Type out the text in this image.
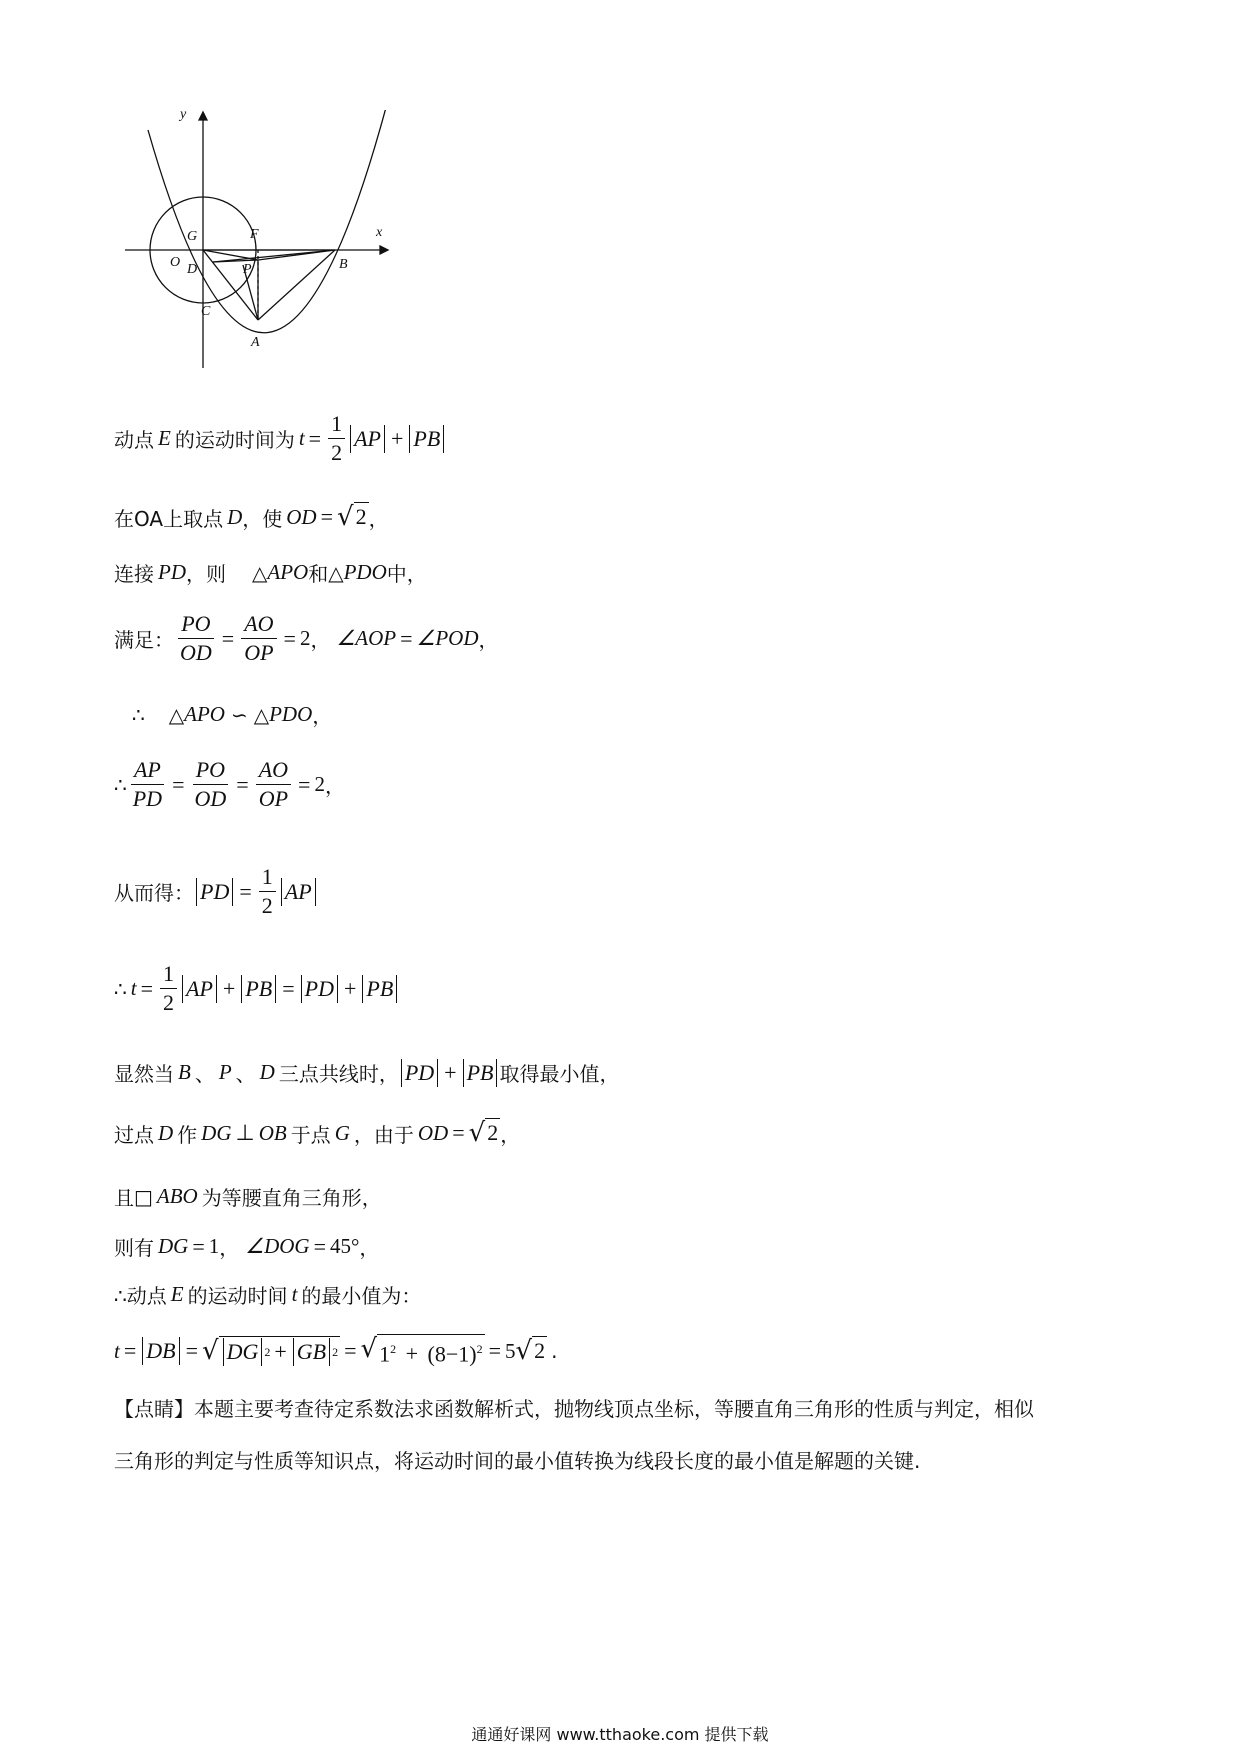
x
y
G	F
O D	P	B
C
A
动点 E 的运动时间为 $t = \frac{1}{2}$ AP + PB
在OA上取点 D ，使 OD = √ 2 ，
连接 PD ，则 △ APO 和 △ PDO 中，
满足： $\frac{PO}{OD} = \frac{AO}{OP} = 2$ ， ∠AOP = ∠POD ，
∴ △ APO ∽ △ PDO ，
∴ $\frac{AP}{PD} = \frac{PO}{OD} = \frac{AO}{OP} = 2$ ，
从而得： PD = $\frac{1}{2}$ AP
∴ $t = \frac{1}{2}$ AP + PB = PD + PB
显然当 B 、 P 、 D 三点共线时， PD + PB 取得最小值，
过点 D 作 DG ⊥ OB 于点 G ，由于 OD = √ 2 ，
且 □ ABO 为等腰直角三角形，
则有 DG = 1 ， ∠DOG = 45° ，
∴动点 E 的运动时间 t 的最小值为：
t = DB = √ DG 2 + GB 2 = √ $1^2 + (8-1)^2 = 5$ √ 2 .
【点睛】本题主要考查待定系数法求函数解析式，抛物线顶点坐标，等腰直角三角形的性质与判定，相似
三角形的判定与性质等知识点，将运动时间的最小值转换为线段长度的最小值是解题的关键.
通通好课网 www.tthaoke.com 提供下载
